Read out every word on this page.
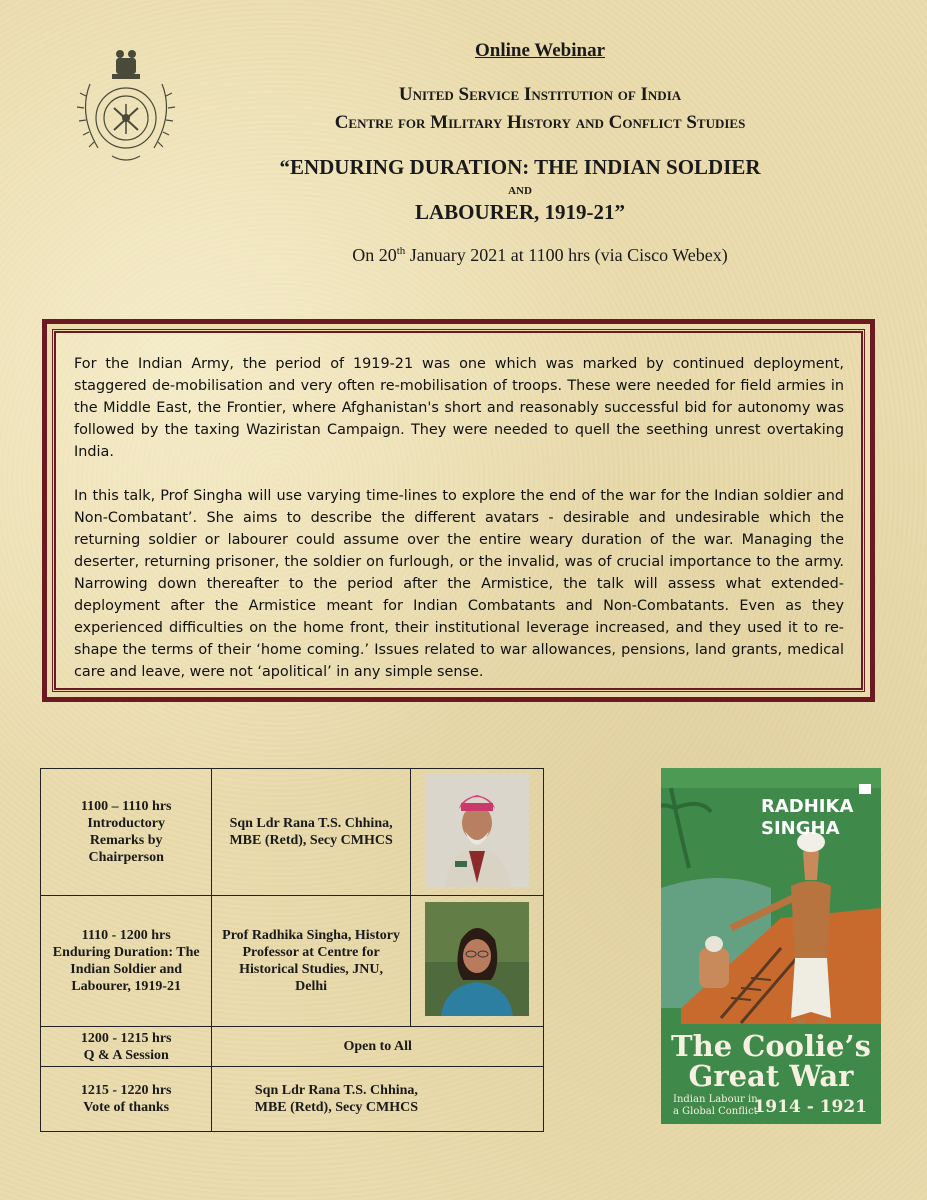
Online Webinar
United Service Institution of India
Centre for Military History and Conflict Studies
“ENDURING DURATION: THE INDIAN SOLDIER
AND
LABOURER, 1919-21”
On 20th January 2021 at 1100 hrs (via Cisco Webex)
For the Indian Army, the period of 1919-21 was one which was marked by continued deployment, staggered de-mobilisation and very often re-mobilisation of troops. These were needed for field armies in the Middle East, the Frontier, where Afghanistan's short and reasonably successful bid for autonomy was followed by the taxing Waziristan Campaign. They were needed to quell the seething unrest overtaking India.
In this talk, Prof Singha will use varying time-lines to explore the end of the war for the Indian soldier and Non-Combatant’. She aims to describe the different avatars - desirable and undesirable which the returning soldier or labourer could assume over the entire weary duration of the war. Managing the deserter, returning prisoner, the soldier on furlough, or the invalid, was of crucial importance to the army. Narrowing down thereafter to the period after the Armistice, the talk will assess what extended-deployment after the Armistice meant for Indian Combatants and Non-Combatants. Even as they experienced difficulties on the home front, their institutional leverage increased, and they used it to re-shape the terms of their ‘home coming.’ Issues related to war allowances, pensions, land grants, medical care and leave, were not ‘apolitical’ in any simple sense.
1100 – 1110 hrs
Introductory Remarks by Chairperson	Sqn Ldr Rana T.S. Chhina, MBE (Retd), Secy CMHCS

1110 - 1200 hrs
Enduring Duration: The Indian Soldier and Labourer, 1919-21	Prof Radhika Singha, History Professor at Centre for Historical Studies, JNU, Delhi

1200 - 1215 hrs
Q & A Session	Open to All	

1215 - 1220 hrs
Vote of thanks	Sqn Ldr Rana T.S. Chhina, MBE (Retd), Secy CMHCS	
RADHIKA
SINGHA
The Coolie’s
Great War
Indian Labour in
a Global Conflict
1914 - 1921
